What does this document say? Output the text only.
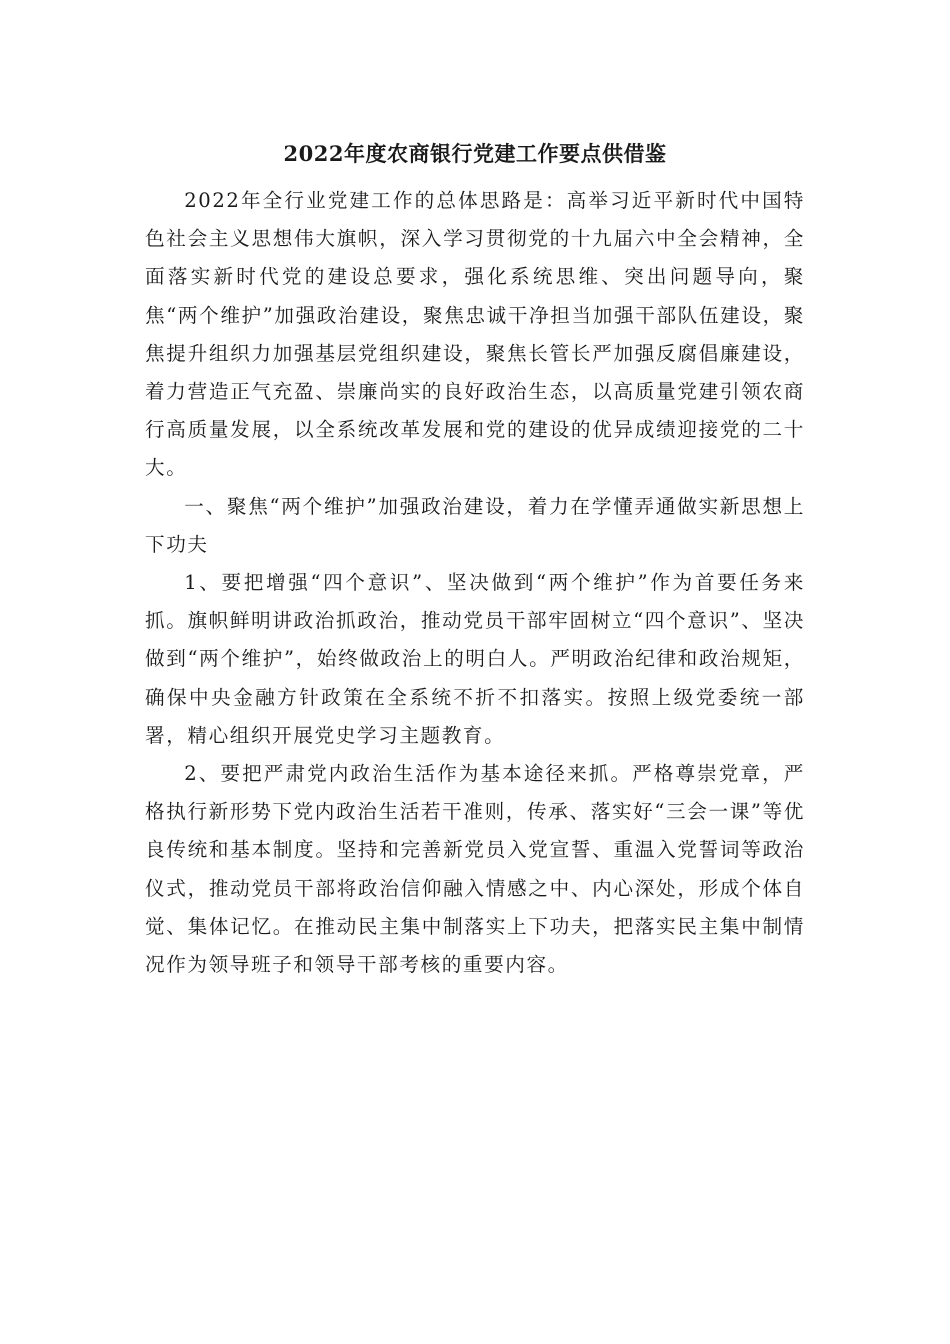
2022年度农商银行党建工作要点供借鉴

2022年全行业党建工作的总体思路是：高举习近平新时代中国特色社会主义思想伟大旗帜，深入学习贯彻党的十九届六中全会精神，全面落实新时代党的建设总要求，强化系统思维、突出问题导向，聚焦“两个维护”加强政治建设，聚焦忠诚干净担当加强干部队伍建设，聚焦提升组织力加强基层党组织建设，聚焦长管长严加强反腐倡廉建设，着力营造正气充盈、崇廉尚实的良好政治生态，以高质量党建引领农商行高质量发展，以全系统改革发展和党的建设的优异成绩迎接党的二十大。

一、聚焦“两个维护”加强政治建设，着力在学懂弄通做实新思想上下功夫

1、要把增强“四个意识”、坚决做到“两个维护”作为首要任务来抓。旗帜鲜明讲政治抓政治，推动党员干部牢固树立“四个意识”、坚决做到“两个维护”，始终做政治上的明白人。严明政治纪律和政治规矩，确保中央金融方针政策在全系统不折不扣落实。按照上级党委统一部署，精心组织开展党史学习主题教育。

2、要把严肃党内政治生活作为基本途径来抓。严格尊崇党章，严格执行新形势下党内政治生活若干准则，传承、落实好“三会一课”等优良传统和基本制度。坚持和完善新党员入党宣誓、重温入党誓词等政治仪式，推动党员干部将政治信仰融入情感之中、内心深处，形成个体自觉、集体记忆。在推动民主集中制落实上下功夫，把落实民主集中制情况作为领导班子和领导干部考核的重要内容。
